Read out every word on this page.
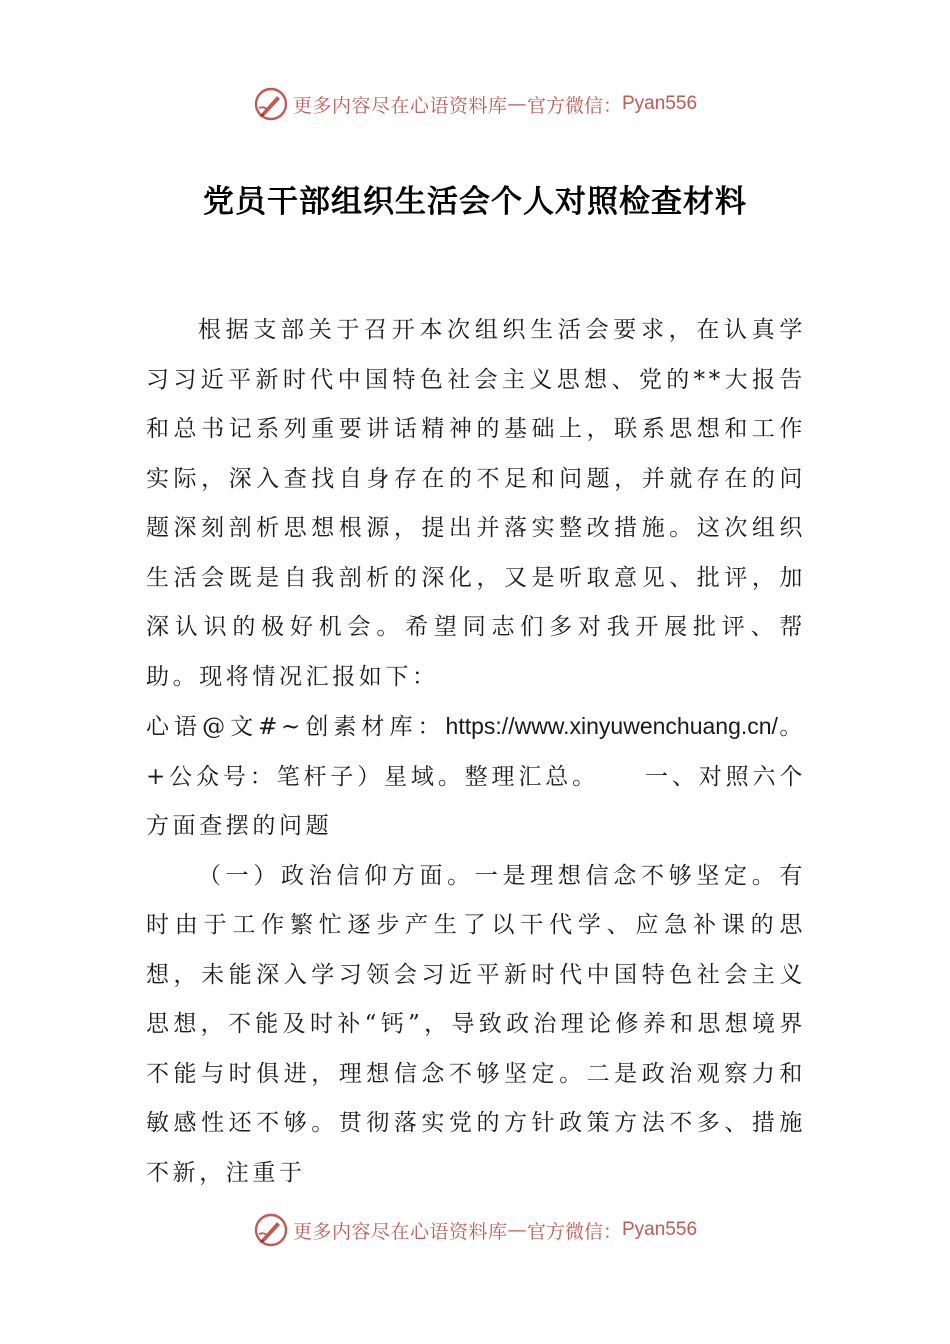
更多内容尽在心语资料库 — 官方微信： Pyan556
党员干部组织生活会个人对照检查材料

根据支部关于召开本次组织生活会要求，在认真学习习近平新时代中国特色社会主义思想、党的**大报告和总书记系列重要讲话精神的基础上，联系思想和工作实际，深入查找自身存在的不足和问题，并就存在的问题深刻剖析思想根源，提出并落实整改措施。这次组织生活会既是自我剖析的深化，又是听取意见、批评，加深认识的极好机会。希望同志们多对我开展批评、帮助。现将情况汇报如下：

心语@文#~创素材库：https://www.xinyuwenchuang.cn/。+公众号：笔杆子）星域。整理汇总。 一、对照六个方面查摆的问题

（一）政治信仰方面。一是理想信念不够坚定。有时由于工作繁忙逐步产生了以干代学、应急补课的思想，未能深入学习领会习近平新时代中国特色社会主义思想，不能及时补“钙”，导致政治理论修养和思想境界不能与时俱进，理想信念不够坚定。二是政治观察力和敏感性还不够。贯彻落实党的方针政策方法不多、措施不新，注重于

更多内容尽在心语资料库 — 官方微信： Pyan556
